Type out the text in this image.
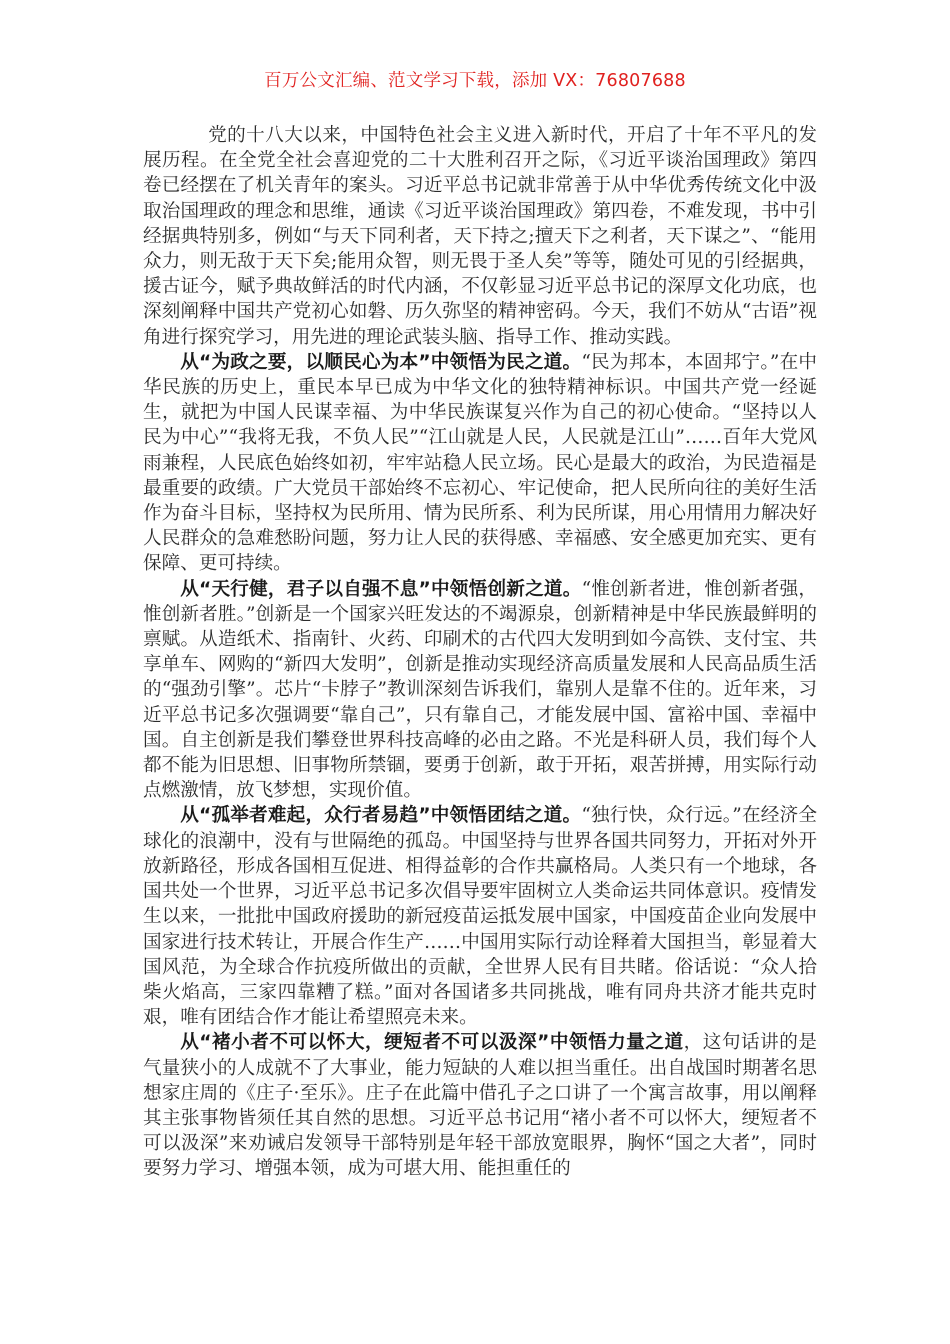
百万公文汇编、范文学习下载，添加 VX：76807688

党的十八大以来，中国特色社会主义进入新时代，开启了十年不平凡的发展历程。在全党全社会喜迎党的二十大胜利召开之际，《习近平谈治国理政》第四卷已经摆在了机关青年的案头。习近平总书记就非常善于从中华优秀传统文化中汲取治国理政的理念和思维，通读《习近平谈治国理政》第四卷，不难发现，书中引经据典特别多，例如“与天下同利者，天下持之;擅天下之利者，天下谋之”、“能用众力，则无敌于天下矣;能用众智，则无畏于圣人矣”等等，随处可见的引经据典，援古证今，赋予典故鲜活的时代内涵，不仅彰显习近平总书记的深厚文化功底，也深刻阐释中国共产党初心如磐、历久弥坚的精神密码。今天，我们不妨从“古语”视角进行探究学习，用先进的理论武装头脑、指导工作、推动实践。

从“为政之要，以顺民心为本”中领悟为民之道。“民为邦本，本固邦宁。”在中华民族的历史上，重民本早已成为中华文化的独特精神标识。中国共产党一经诞生，就把为中国人民谋幸福、为中华民族谋复兴作为自己的初心使命。“坚持以人民为中心”“我将无我，不负人民”“江山就是人民，人民就是江山”……百年大党风雨兼程，人民底色始终如初，牢牢站稳人民立场。民心是最大的政治，为民造福是最重要的政绩。广大党员干部始终不忘初心、牢记使命，把人民所向往的美好生活作为奋斗目标，坚持权为民所用、情为民所系、利为民所谋，用心用情用力解决好人民群众的急难愁盼问题，努力让人民的获得感、幸福感、安全感更加充实、更有保障、更可持续。

从“天行健，君子以自强不息”中领悟创新之道。“惟创新者进，惟创新者强，惟创新者胜。”创新是一个国家兴旺发达的不竭源泉，创新精神是中华民族最鲜明的禀赋。从造纸术、指南针、火药、印刷术的古代四大发明到如今高铁、支付宝、共享单车、网购的“新四大发明”，创新是推动实现经济高质量发展和人民高品质生活的“强劲引擎”。芯片“卡脖子”教训深刻告诉我们，靠别人是靠不住的。近年来，习近平总书记多次强调要“靠自己”，只有靠自己，才能发展中国、富裕中国、幸福中国。自主创新是我们攀登世界科技高峰的必由之路。不光是科研人员，我们每个人都不能为旧思想、旧事物所禁锢，要勇于创新，敢于开拓，艰苦拼搏，用实际行动点燃激情，放飞梦想，实现价值。

从“孤举者难起，众行者易趋”中领悟团结之道。“独行快，众行远。”在经济全球化的浪潮中，没有与世隔绝的孤岛。中国坚持与世界各国共同努力，开拓对外开放新路径，形成各国相互促进、相得益彰的合作共赢格局。人类只有一个地球，各国共处一个世界，习近平总书记多次倡导要牢固树立人类命运共同体意识。疫情发生以来，一批批中国政府援助的新冠疫苗运抵发展中国家，中国疫苗企业向发展中国家进行技术转让，开展合作生产……中国用实际行动诠释着大国担当，彰显着大国风范，为全球合作抗疫所做出的贡献，全世界人民有目共睹。俗话说：“众人拾柴火焰高，三家四靠糟了糕。”面对各国诸多共同挑战，唯有同舟共济才能共克时艰，唯有团结合作才能让希望照亮未来。

从“褚小者不可以怀大，绠短者不可以汲深”中领悟力量之道，这句话讲的是气量狭小的人成就不了大事业，能力短缺的人难以担当重任。出自战国时期著名思想家庄周的《庄子·至乐》。庄子在此篇中借孔子之口讲了一个寓言故事，用以阐释其主张事物皆须任其自然的思想。习近平总书记用“褚小者不可以怀大，绠短者不可以汲深”来劝诫启发领导干部特别是年轻干部放宽眼界，胸怀“国之大者”，同时要努力学习、增强本领，成为可堪大用、能担重任的
